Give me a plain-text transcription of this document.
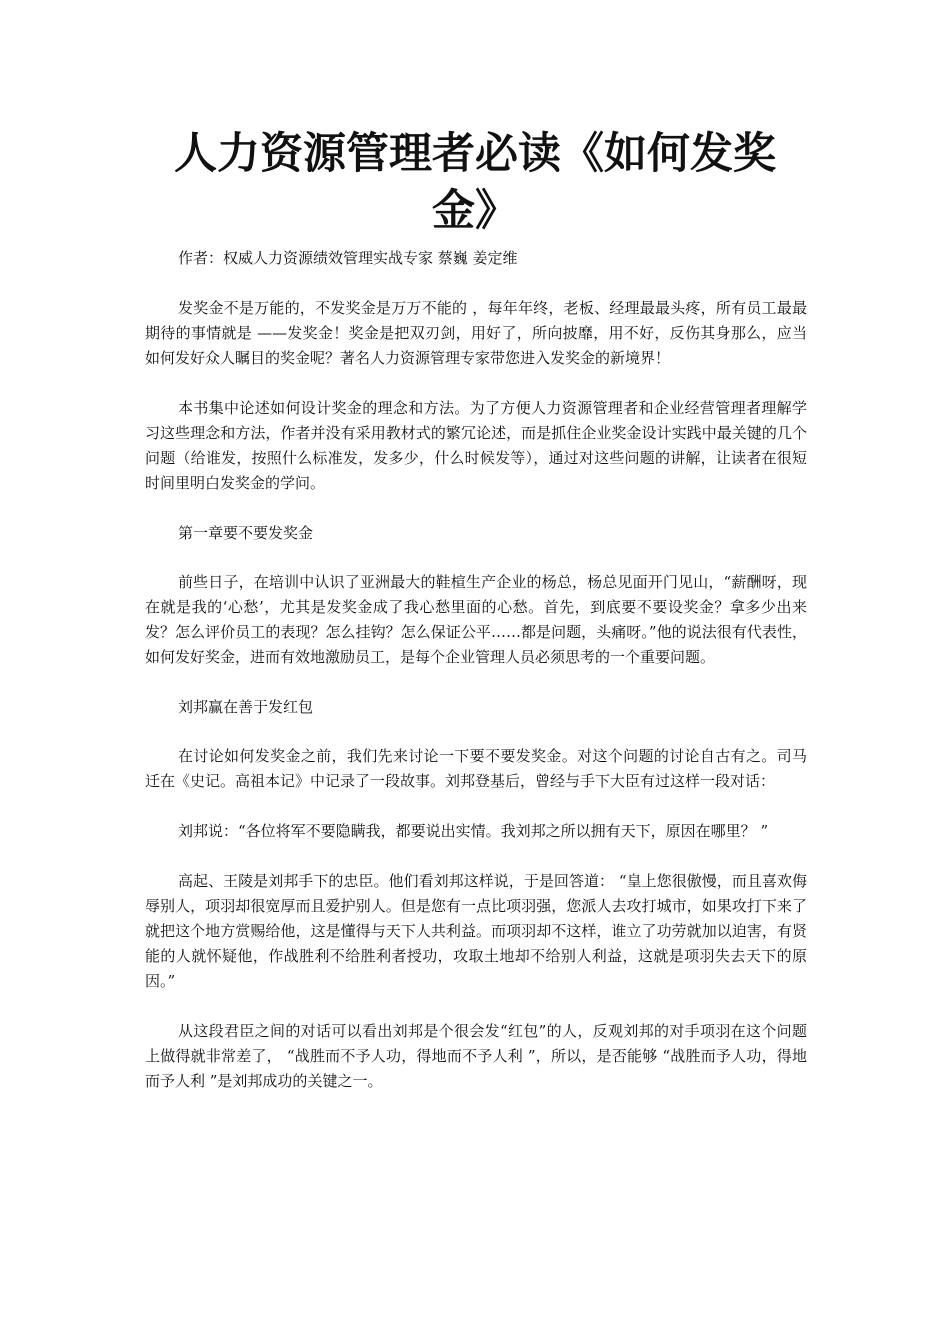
人力资源管理者必读《如何发奖
金》

作者：权威人力资源绩效管理实战专家 蔡巍 姜定维

发奖金不是万能的，不发奖金是万万不能的 ，每年年终，老板、经理最最头疼，所有员工最最期待的事情就是 ——发奖金！奖金是把双刃剑，用好了，所向披靡，用不好，反伤其身那么，应当如何发好众人瞩目的奖金呢？著名人力资源管理专家带您进入发奖金的新境界！

本书集中论述如何设计奖金的理念和方法。为了方便人力资源管理者和企业经营管理者理解学习这些理念和方法，作者并没有采用教材式的繁冗论述，而是抓住企业奖金设计实践中最关键的几个问题（给谁发，按照什么标准发，发多少，什么时候发等），通过对这些问题的讲解，让读者在很短时间里明白发奖金的学问。

第一章要不要发奖金

前些日子，在培训中认识了亚洲最大的鞋楦生产企业的杨总，杨总见面开门见山，“薪酬呀，现在就是我的‘心愁’，尤其是发奖金成了我心愁里面的心愁。首先，到底要不要设奖金？拿多少出来发？怎么评价员工的表现？怎么挂钩？怎么保证公平……都是问题，头痛呀。”他的说法很有代表性，如何发好奖金，进而有效地激励员工，是每个企业管理人员必须思考的一个重要问题。

刘邦赢在善于发红包

在讨论如何发奖金之前，我们先来讨论一下要不要发奖金。对这个问题的讨论自古有之。司马迁在《史记。高祖本记》中记录了一段故事。刘邦登基后，曾经与手下大臣有过这样一段对话：

刘邦说：“各位将军不要隐瞒我，都要说出实情。我刘邦之所以拥有天下，原因在哪里？ ”

高起、王陵是刘邦手下的忠臣。他们看刘邦这样说，于是回答道： “皇上您很傲慢，而且喜欢侮辱别人，项羽却很宽厚而且爱护别人。但是您有一点比项羽强，您派人去攻打城市，如果攻打下来了就把这个地方赏赐给他，这是懂得与天下人共利益。而项羽却不这样，谁立了功劳就加以迫害，有贤能的人就怀疑他，作战胜利不给胜利者授功，攻取土地却不给别人利益，这就是项羽失去天下的原因。”

从这段君臣之间的对话可以看出刘邦是个很会发“红包”的人，反观刘邦的对手项羽在这个问题上做得就非常差了， “战胜而不予人功，得地而不予人利 ”，所以，是否能够 “战胜而予人功，得地而予人利 ”是刘邦成功的关键之一。
